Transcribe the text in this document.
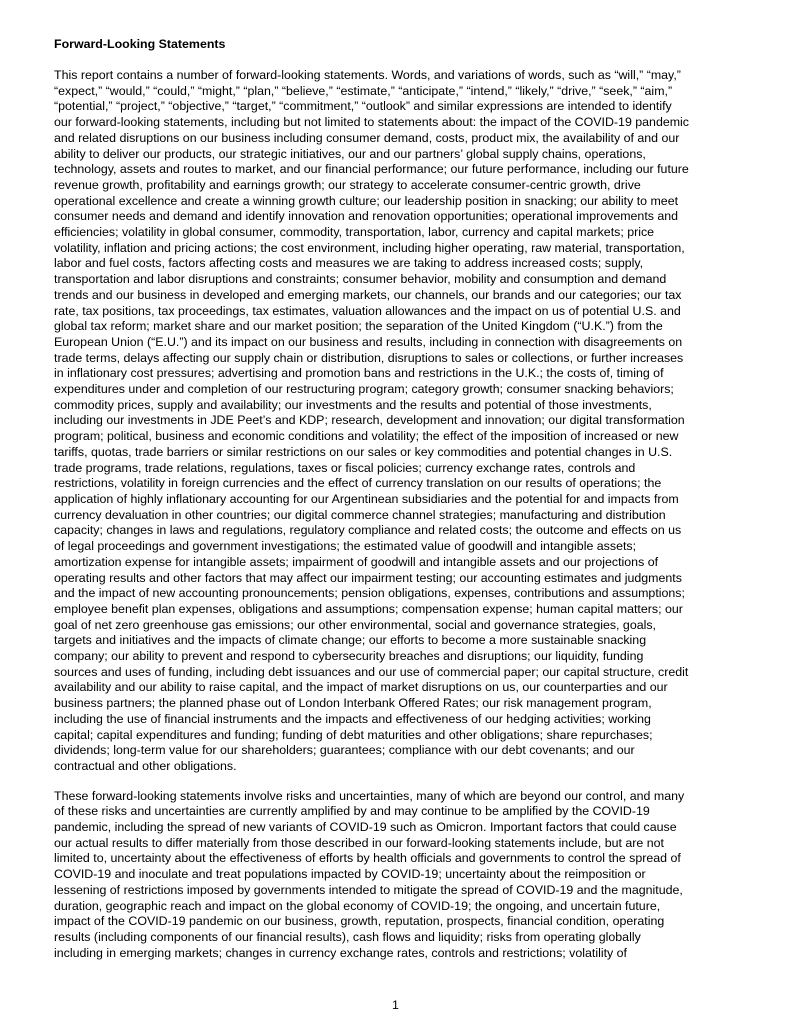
Forward-Looking Statements

This report contains a number of forward-looking statements. Words, and variations of words, such as “will,” “may,”
“expect,” “would,” “could,” “might,” “plan,” “believe,” “estimate,” “anticipate,” “intend,” “likely,” “drive,” “seek,” “aim,”
“potential,” “project,” “objective,” “target,” “commitment,” “outlook” and similar expressions are intended to identify
our forward-looking statements, including but not limited to statements about: the impact of the COVID-19 pandemic
and related disruptions on our business including consumer demand, costs, product mix, the availability of and our
ability to deliver our products, our strategic initiatives, our and our partners’ global supply chains, operations,
technology, assets and routes to market, and our financial performance; our future performance, including our future
revenue growth, profitability and earnings growth; our strategy to accelerate consumer-centric growth, drive
operational excellence and create a winning growth culture; our leadership position in snacking; our ability to meet
consumer needs and demand and identify innovation and renovation opportunities; operational improvements and
efficiencies; volatility in global consumer, commodity, transportation, labor, currency and capital markets; price
volatility, inflation and pricing actions; the cost environment, including higher operating, raw material, transportation,
labor and fuel costs, factors affecting costs and measures we are taking to address increased costs; supply,
transportation and labor disruptions and constraints; consumer behavior, mobility and consumption and demand
trends and our business in developed and emerging markets, our channels, our brands and our categories; our tax
rate, tax positions, tax proceedings, tax estimates, valuation allowances and the impact on us of potential U.S. and
global tax reform; market share and our market position; the separation of the United Kingdom (“U.K.”) from the
European Union (“E.U.”) and its impact on our business and results, including in connection with disagreements on
trade terms, delays affecting our supply chain or distribution, disruptions to sales or collections, or further increases
in inflationary cost pressures; advertising and promotion bans and restrictions in the U.K.; the costs of, timing of
expenditures under and completion of our restructuring program; category growth; consumer snacking behaviors;
commodity prices, supply and availability; our investments and the results and potential of those investments,
including our investments in JDE Peet’s and KDP; research, development and innovation; our digital transformation
program; political, business and economic conditions and volatility; the effect of the imposition of increased or new
tariffs, quotas, trade barriers or similar restrictions on our sales or key commodities and potential changes in U.S.
trade programs, trade relations, regulations, taxes or fiscal policies; currency exchange rates, controls and
restrictions, volatility in foreign currencies and the effect of currency translation on our results of operations; the
application of highly inflationary accounting for our Argentinean subsidiaries and the potential for and impacts from
currency devaluation in other countries; our digital commerce channel strategies; manufacturing and distribution
capacity; changes in laws and regulations, regulatory compliance and related costs; the outcome and effects on us
of legal proceedings and government investigations; the estimated value of goodwill and intangible assets;
amortization expense for intangible assets; impairment of goodwill and intangible assets and our projections of
operating results and other factors that may affect our impairment testing; our accounting estimates and judgments
and the impact of new accounting pronouncements; pension obligations, expenses, contributions and assumptions;
employee benefit plan expenses, obligations and assumptions; compensation expense; human capital matters; our
goal of net zero greenhouse gas emissions; our other environmental, social and governance strategies, goals,
targets and initiatives and the impacts of climate change; our efforts to become a more sustainable snacking
company; our ability to prevent and respond to cybersecurity breaches and disruptions; our liquidity, funding
sources and uses of funding, including debt issuances and our use of commercial paper; our capital structure, credit
availability and our ability to raise capital, and the impact of market disruptions on us, our counterparties and our
business partners; the planned phase out of London Interbank Offered Rates; our risk management program,
including the use of financial instruments and the impacts and effectiveness of our hedging activities; working
capital; capital expenditures and funding; funding of debt maturities and other obligations; share repurchases;
dividends; long-term value for our shareholders; guarantees; compliance with our debt covenants; and our
contractual and other obligations.

These forward-looking statements involve risks and uncertainties, many of which are beyond our control, and many
of these risks and uncertainties are currently amplified by and may continue to be amplified by the COVID-19
pandemic, including the spread of new variants of COVID-19 such as Omicron. Important factors that could cause
our actual results to differ materially from those described in our forward-looking statements include, but are not
limited to, uncertainty about the effectiveness of efforts by health officials and governments to control the spread of
COVID-19 and inoculate and treat populations impacted by COVID-19; uncertainty about the reimposition or
lessening of restrictions imposed by governments intended to mitigate the spread of COVID-19 and the magnitude,
duration, geographic reach and impact on the global economy of COVID-19; the ongoing, and uncertain future,
impact of the COVID-19 pandemic on our business, growth, reputation, prospects, financial condition, operating
results (including components of our financial results), cash flows and liquidity; risks from operating globally
including in emerging markets; changes in currency exchange rates, controls and restrictions; volatility of

1
